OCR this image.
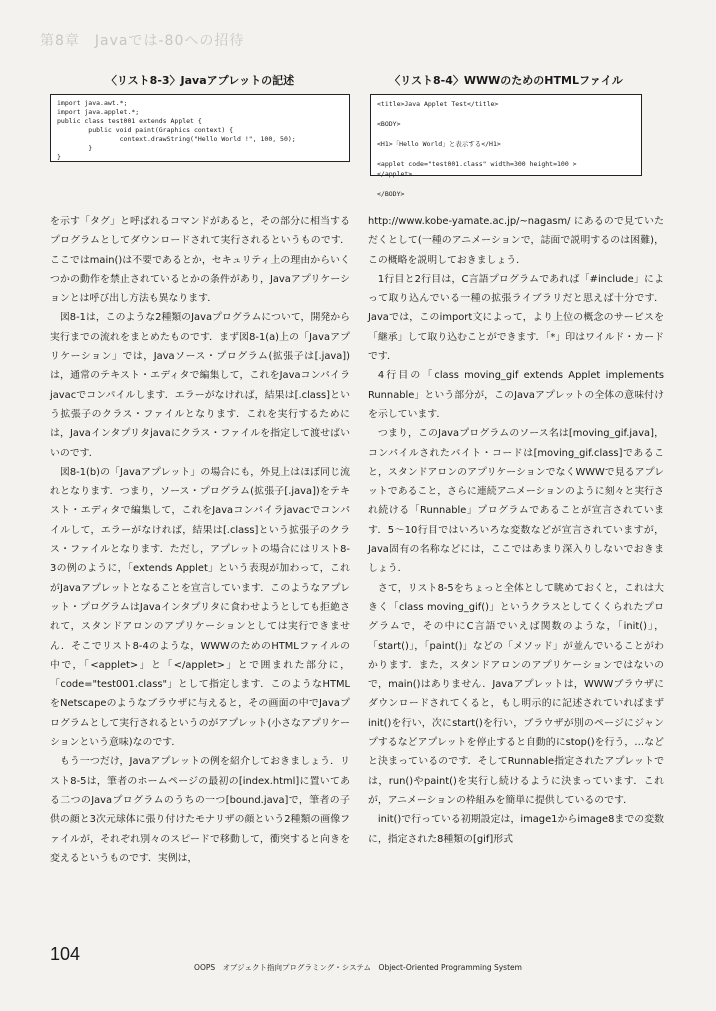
第8章　Javaでは-80への招待
〈リスト8-3〉Javaアプレットの記述
import java.awt.*;
import java.applet.*;
public class test001 extends Applet {
public void paint(Graphics context) {
context.drawString("Hello World !", 100, 50);
}
}
〈リスト8-4〉WWWのためのHTMLファイル
<title>Java Applet Test</title>

<BODY>

<H1>「Hello World」と表示する</H1>

<applet code="test001.class" width=300 height=100 >
</applet>

</BODY>

を示す「タグ」と呼ばれるコマンドがあると，その部分に相当するプログラムとしてダウンロードされて実行されるというものです．ここではmain()は不要であるとか，セキュリティ上の理由からいくつかの動作を禁止されているとかの条件があり，Javaアプリケーションとは呼び出し方法も異なります．

図8-1は，このような2種類のJavaプログラムについて，開発から実行までの流れをまとめたものです．まず図8-1(a)上の「Javaアプリケーション」では，Javaソース・プログラム(拡張子は[.java])は，通常のテキスト・エディタで編集して，これをJavaコンパイラjavacでコンパイルします．エラーがなければ，結果は[.class]という拡張子のクラス・ファイルとなります．これを実行するためには，Javaインタプリタjavaにクラス・ファイルを指定して渡せばいいのです．

図8-1(b)の「Javaアプレット」の場合にも，外見上はほぼ同じ流れとなります．つまり，ソース・プログラム(拡張子[.java])をテキスト・エディタで編集して，これをJavaコンパイラjavacでコンパイルして，エラーがなければ，結果は[.class]という拡張子のクラス・ファイルとなります．ただし，アプレットの場合にはリスト8-3の例のように，「extends Applet」という表現が加わって，これがJavaアプレットとなることを宣言しています．このようなアプレット・プログラムはJavaインタプリタに食わせようとしても拒絶されて，スタンドアロンのアプリケーションとしては実行できません．そこでリスト8-4のような，WWWのためのHTMLファイルの中で，「<applet>」と「</applet>」とで囲まれた部分に，「code="test001.class"」として指定します．このようなHTMLをNetscapeのようなブラウザに与えると，その画面の中でJavaプログラムとして実行されるというのがアプレット(小さなアプリケーションという意味)なのです．

もう一つだけ，Javaアプレットの例を紹介しておきましょう．リスト8-5は，筆者のホームページの最初の[index.html]に置いてある二つのJavaプログラムのうちの一つ[bound.java]で，筆者の子供の顔と3次元球体に張り付けたモナリザの顔という2種類の画像ファイルが，それぞれ別々のスピードで移動して，衝突すると向きを変えるというものです．実例は，

http://www.kobe-yamate.ac.jp/~nagasm/ にあるので見ていただくとして(一種のアニメーションで，誌面で説明するのは困難)，この概略を説明しておきましょう．

1行目と2行目は，C言語プログラムであれば「#include」によって取り込んでいる一種の拡張ライブラリだと思えば十分です．Javaでは，このimport文によって，より上位の概念のサービスを「継承」して取り込むことができます．「*」印はワイルド・カードです．

4行目の「class moving_gif extends Applet implements Runnable」という部分が，このJavaアプレットの全体の意味付けを示しています．

つまり，このJavaプログラムのソース名は[moving_gif.java]，コンパイルされたバイト・コードは[moving_gif.class]であること，スタンドアロンのアプリケーションでなくWWWで見るアプレットであること，さらに連続アニメーションのように刻々と実行され続ける「Runnable」プログラムであることが宣言されています．5〜10行目ではいろいろな変数などが宣言されていますが，Java固有の名称などには，ここではあまり深入りしないでおきましょう．

さて，リスト8-5をちょっと全体として眺めておくと，これは大きく「class moving_gif()」というクラスとしてくくられたプログラムで，その中にC言語でいえば関数のような，「init()」，「start()」，「paint()」などの「メソッド」が並んでいることがわかります．また，スタンドアロンのアプリケーションではないので，main()はありません．Javaアプレットは，WWWブラウザにダウンロードされてくると，もし明示的に記述されていればまずinit()を行い，次にstart()を行い，ブラウザが別のページにジャンプするなどアプレットを停止すると自動的にstop()を行う，…などと決まっているのです．そしてRunnable指定されたアプレットでは，run()やpaint()を実行し続けるように決まっています．これが，アニメーションの枠組みを簡単に提供しているのです．

init()で行っている初期設定は，image1からimage8までの変数に，指定された8種類の[gif]形式

104
OOPS　オブジェクト指向プログラミング・システム　Object-Oriented Programming System
